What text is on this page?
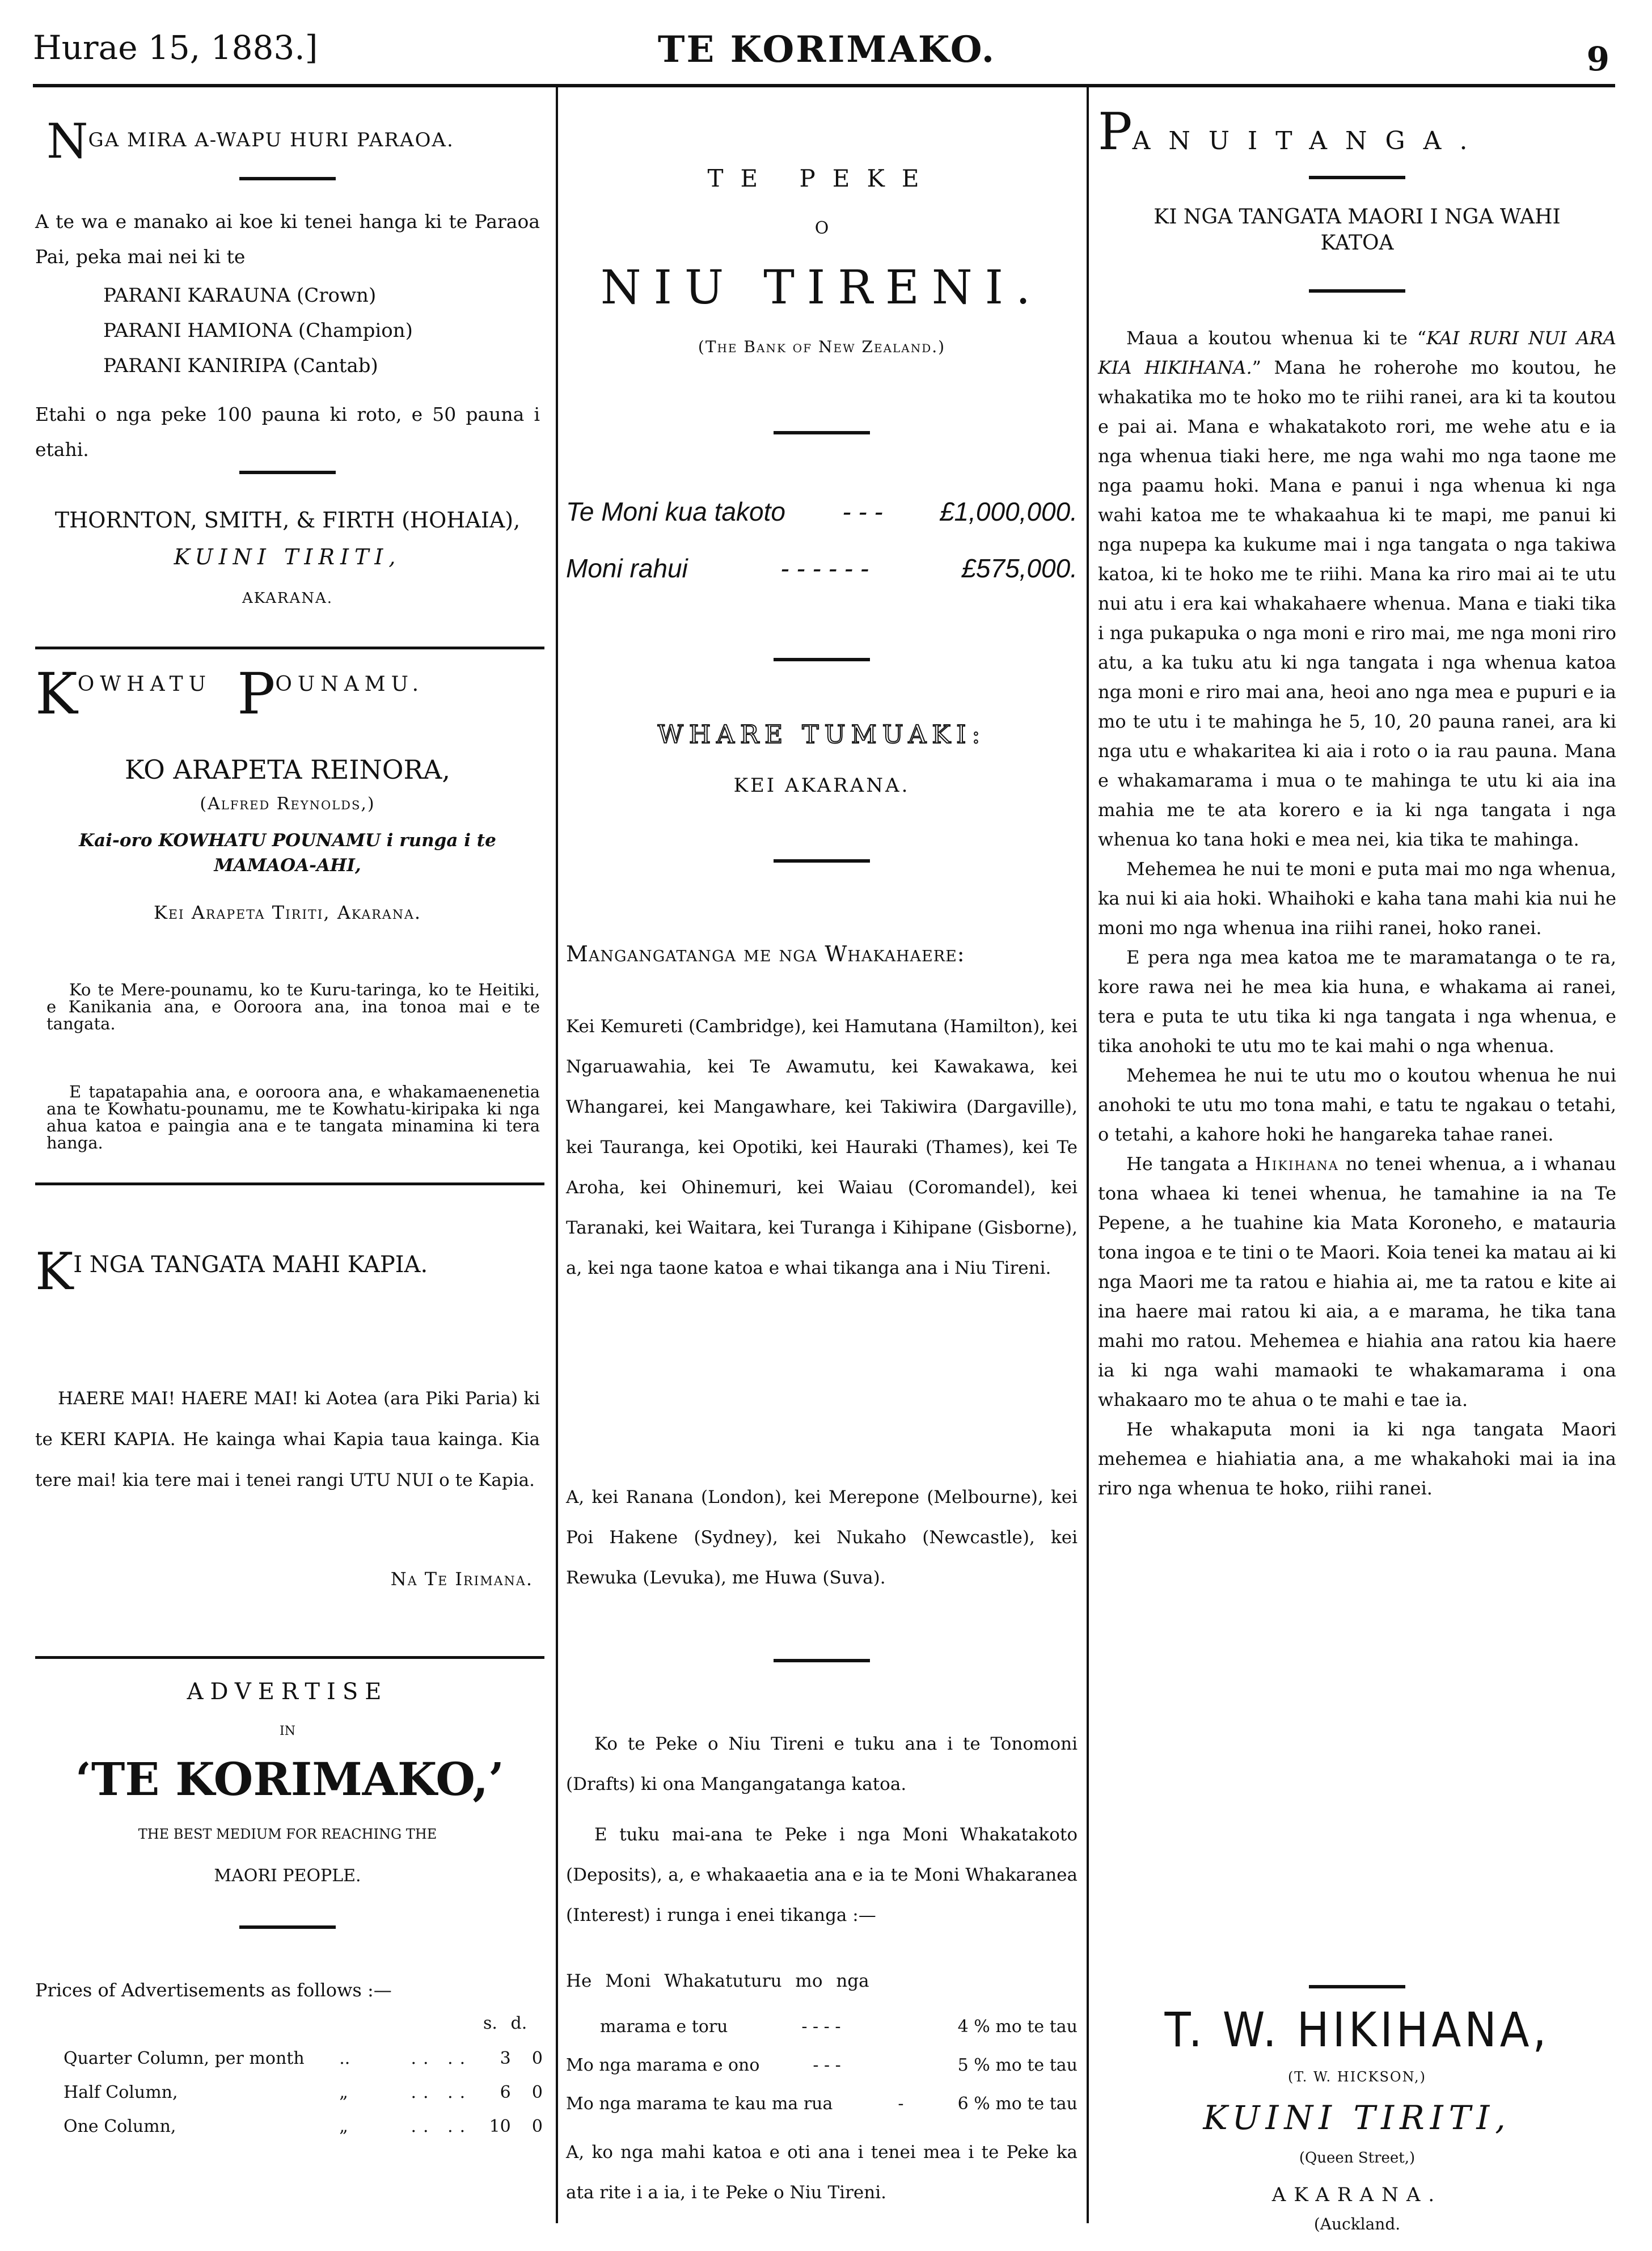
Hurae 15, 1883.]	TE KORIMAKO.	9
NGA MIRA A-WAPU HURI PARAOA.
A te wa e manako ai koe ki tenei hanga ki te Paraoa Pai, peka mai nei ki te
PARANI KARAUNA (Crown)
PARANI HAMIONA (Champion)
PARANI KANIRIPA (Cantab)
Etahi o nga peke 100 pauna ki roto, e 50 pauna i etahi.
THORNTON, SMITH, & FIRTH (HOHAIA),
KUINI TIRITI,
AKARANA.
KOWHATU POUNAMU.
KO ARAPETA REINORA,
(Alfred Reynolds,)
Kai-oro KOWHATU POUNAMU i runga i te MAMAOA-AHI,
Kei Arapeta Tiriti, Akarana.
Ko te Mere-pounamu, ko te Kuru-taringa, ko te Heitiki, e Kanikania ana, e Ooroora ana, ina tonoa mai e te tangata.
E tapatapahia ana, e ooroora ana, e whakamaenenetia ana te Kowhatu-pounamu, me te Kowhatu-kiripaka ki nga ahua katoa e paingia ana e te tangata minamina ki tera hanga.
KI NGA TANGATA MAHI KAPIA.
HAERE MAI! HAERE MAI! ki Aotea (ara Piki Paria) ki te KERI KAPIA. He kainga whai Kapia taua kainga. Kia tere mai! kia tere mai i tenei rangi UTU NUI o te Kapia.
Na Te Irimana.
ADVERTISE
IN
‘TE KORIMAKO,’
THE BEST MEDIUM FOR REACHING THE
MAORI PEOPLE.
Prices of Advertisements as follows :—
s. d.
Quarter Column, per month	..	.. ..	3	0
Half Column,	„	.. ..	6	0
One Column,	„	.. ..	10	0
TE PEKE
O
NIU TIRENI.
(The Bank of New Zealand.)
Te Moni kua takoto - - - £1,000,000.
Moni rahui	- - - - - -	£575,000.
WHARE TUMUAKI:
KEI AKARANA.
Mangangatanga me nga Whakahaere:
Kei Kemureti (Cambridge), kei Hamutana (Hamilton), kei Ngaruawahia, kei Te Awamutu, kei Kawakawa, kei Whangarei, kei Mangawhare, kei Takiwira (Dargaville), kei Tauranga, kei Opotiki, kei Hauraki (Thames), kei Te Aroha, kei Ohinemuri, kei Waiau (Coromandel), kei Taranaki, kei Waitara, kei Turanga i Kihipane (Gisborne), a, kei nga taone katoa e whai tikanga ana i Niu Tireni.
A, kei Ranana (London), kei Merepone (Melbourne), kei Poi Hakene (Sydney), kei Nukaho (Newcastle), kei Rewuka (Levuka), me Huwa (Suva).
Ko te Peke o Niu Tireni e tuku ana i te Tonomoni (Drafts) ki ona Mangangatanga katoa.
E tuku mai-ana te Peke i nga Moni Whakatakoto (Deposits), a, e whakaaetia ana e ia te Moni Whakaranea (Interest) i runga i enei tikanga :—
He Moni Whakatuturu mo nga
marama e toru	- - - -	4 % mo te tau
Mo nga marama e ono	- - -	5 % mo te tau
Mo nga marama te kau ma rua	-	6 % mo te tau
A, ko nga mahi katoa e oti ana i tenei mea i te Peke ka ata rite i a ia, i te Peke o Niu Tireni.
PANUITANGA.
KI NGA TANGATA MAORI I NGA WAHI KATOA

Maua a koutou whenua ki te “KAI RURI NUI ARA KIA HIKIHANA.” Mana he roherohe mo koutou, he whakatika mo te hoko mo te riihi ranei, ara ki ta koutou e pai ai. Mana e whakatakoto rori, me wehe atu e ia nga whenua tiaki here, me nga wahi mo nga taone me nga paamu hoki. Mana e panui i nga whenua ki nga wahi katoa me te whakaahua ki te mapi, me panui ki nga nupepa ka kukume mai i nga tangata o nga takiwa katoa, ki te hoko me te riihi. Mana ka riro mai ai te utu nui atu i era kai whakahaere whenua. Mana e tiaki tika i nga pukapuka o nga moni e riro mai, me nga moni riro atu, a ka tuku atu ki nga tangata i nga whenua katoa nga moni e riro mai ana, heoi ano nga mea e pupuri e ia mo te utu i te mahinga he 5, 10, 20 pauna ranei, ara ki nga utu e whakaritea ki aia i roto o ia rau pauna. Mana e whakamarama i mua o te mahinga te utu ki aia ina mahia me te ata korero e ia ki nga tangata i nga whenua ko tana hoki e mea nei, kia tika te mahinga.

Mehemea he nui te moni e puta mai mo nga whenua, ka nui ki aia hoki. Whaihoki e kaha tana mahi kia nui he moni mo nga whenua ina riihi ranei, hoko ranei.

E pera nga mea katoa me te maramatanga o te ra, kore rawa nei he mea kia huna, e whakama ai ranei, tera e puta te utu tika ki nga tangata i nga whenua, e tika anohoki te utu mo te kai mahi o nga whenua.

Mehemea he nui te utu mo o koutou whenua he nui anohoki te utu mo tona mahi, e tatu te ngakau o tetahi, o tetahi, a kahore hoki he hangareka tahae ranei.

He tangata a Hikihana no tenei whenua, a i whanau tona whaea ki tenei whenua, he tamahine ia na Te Pepene, a he tuahine kia Mata Koroneho, e matauria tona ingoa e te tini o te Maori. Koia tenei ka matau ai ki nga Maori me ta ratou e hiahia ai, me ta ratou e kite ai ina haere mai ratou ki aia, a e marama, he tika tana mahi mo ratou. Mehemea e hiahia ana ratou kia haere ia ki nga wahi mamaoki te whakamarama i ona whakaaro mo te ahua o te mahi e tae ia.

He whakaputa moni ia ki nga tangata Maori mehemea e hiahiatia ana, a me whakahoki mai ia ina riro nga whenua te hoko, riihi ranei.

T. W. HIKIHANA,
(T. W. HICKSON,)
KUINI TIRITI,
(Queen Street,)
AKARANA.
(Auckland.
